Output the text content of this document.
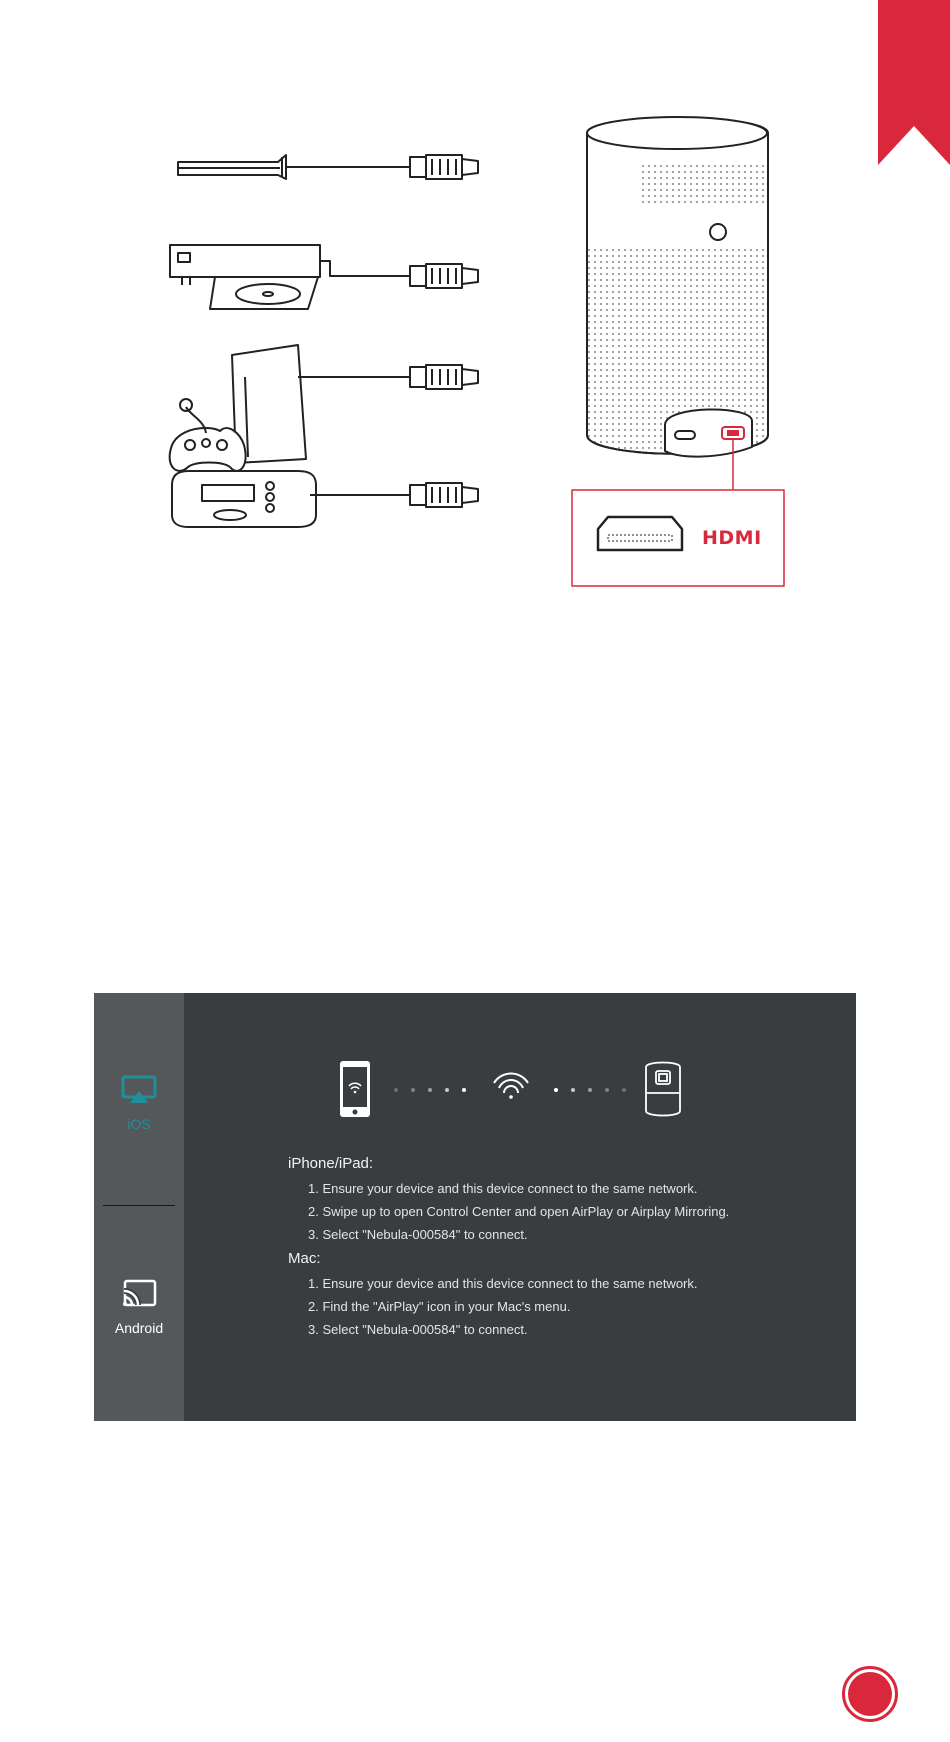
HDMI
iOS
Android

iPhone/iPad:

1. Ensure your device and this device connect to the same network.
2. Swipe up to open Control Center and open AirPlay or Airplay Mirroring.
3. Select "Nebula-000584" to connect.

Mac:

1. Ensure your device and this device connect to the same network.
2. Find the "AirPlay" icon in your Mac's menu.
3. Select "Nebula-000584" to connect.
